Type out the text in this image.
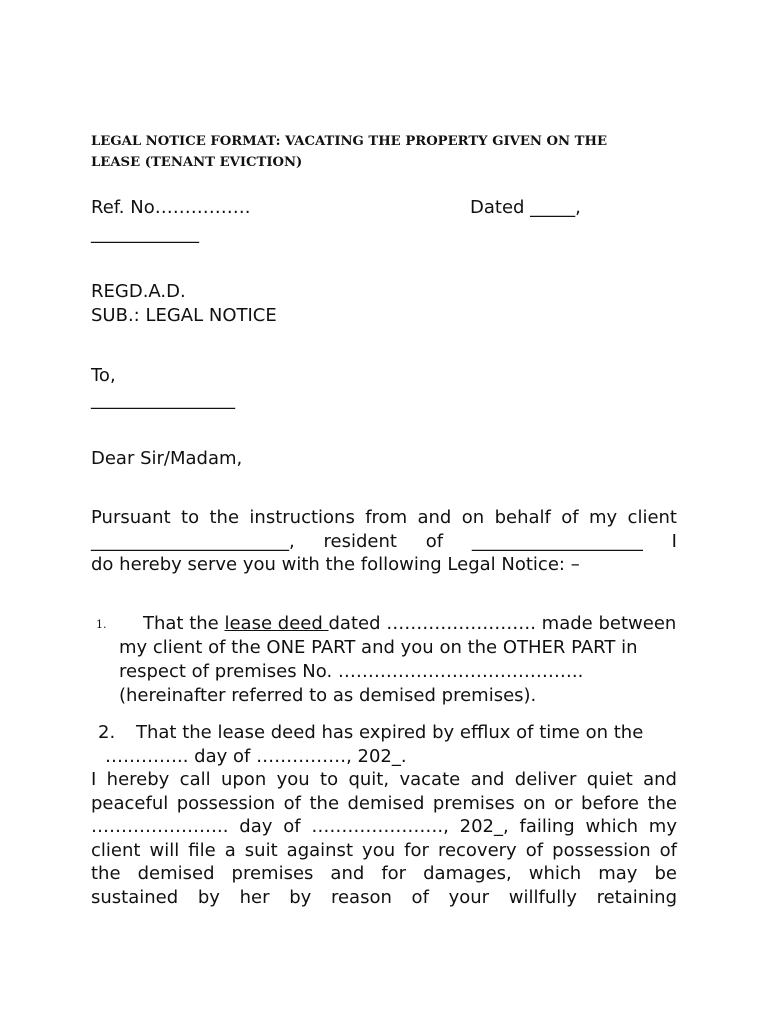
LEGAL NOTICE FORMAT: VACATING THE PROPERTY GIVEN ON THE
LEASE (TENANT EVICTION)
Ref. No…………….	Dated _____,
____________
REGD.A.D.
SUB.: LEGAL NOTICE
To,
________________
Dear Sir/Madam,
Pursuant to the instructions from and on behalf of my client
______________________, resident of ___________________ I
do hereby serve you with the following Legal Notice: –
1. That the lease deed dated ……………………. made between
my client of the ONE PART and you on the OTHER PART in
respect of premises No. …………………………………..
(hereinafter referred to as demised premises).
2. That the lease deed has expired by efflux of time on the
………….. day of ……………, 202_.
I hereby call upon you to quit, vacate and deliver quiet and
peaceful possession of the demised premises on or before the
………………….. day of …………………., 202_, failing which my
client will file a suit against you for recovery of possession of
the demised premises and for damages, which may be
sustained by her by reason of your willfully retaining
